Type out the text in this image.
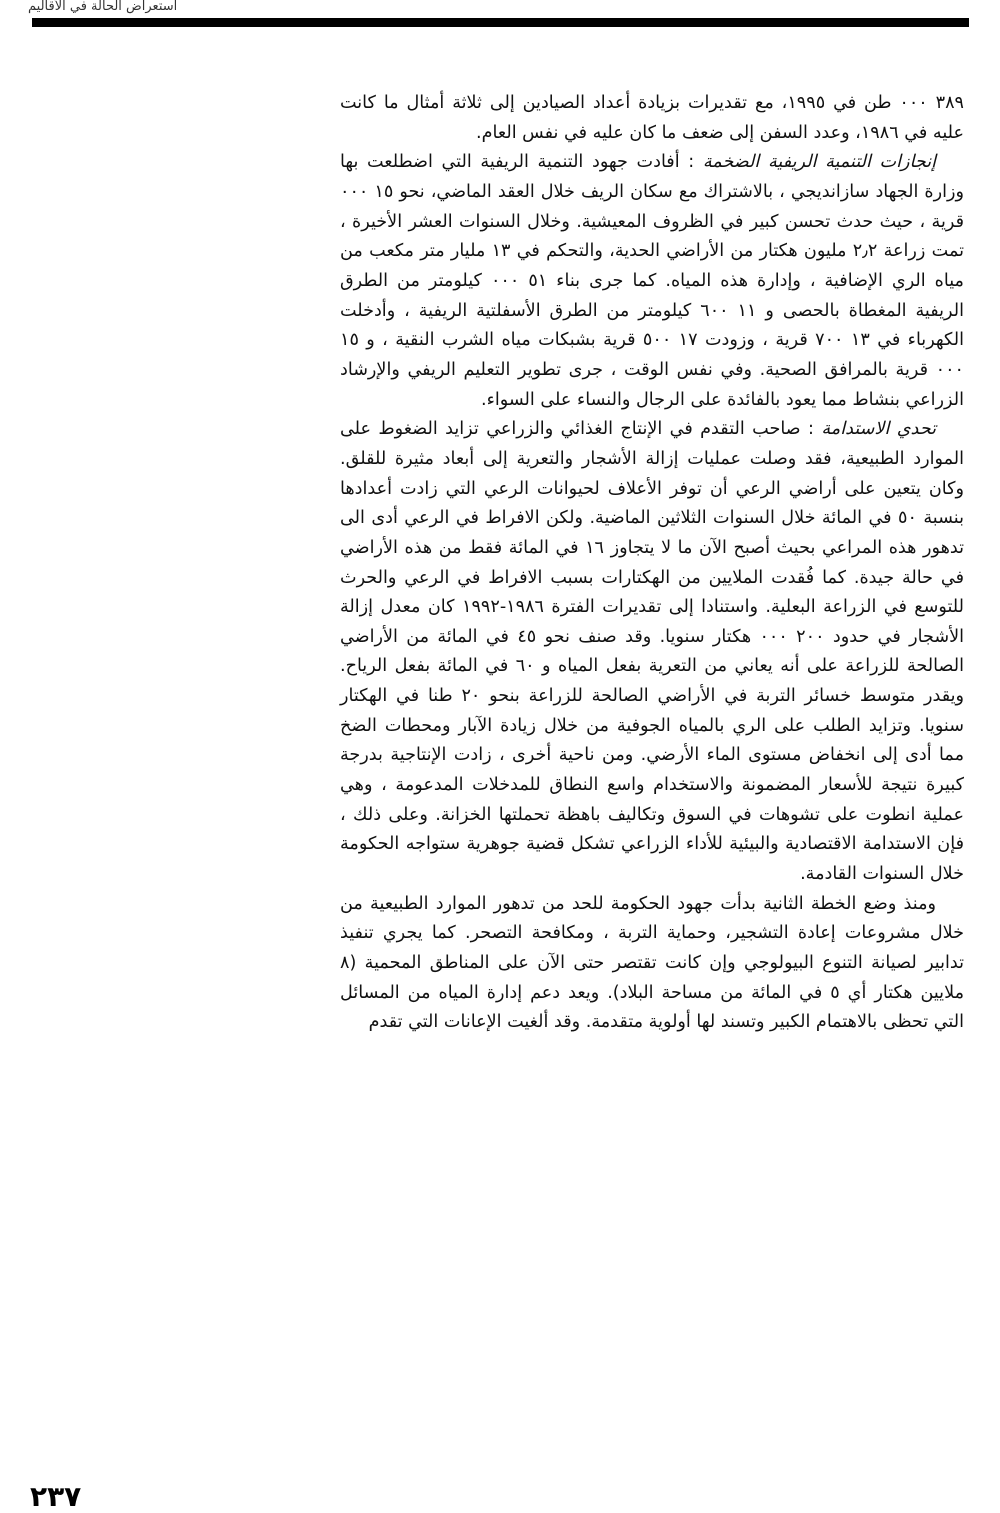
استعراض الحالة في الأقاليم

٣٨٩ ٠٠٠ طن في ١٩٩٥، مع تقديرات بزيادة أعداد الصيادين إلى ثلاثة أمثال ما كانت عليه في ١٩٨٦، وعدد السفن إلى ضعف ما كان عليه في نفس العام.

إنجازات التنمية الريفية الضخمة : أفادت جهود التنمية الريفية التي اضطلعت بها وزارة الجهاد سازانديجي ، بالاشتراك مع سكان الريف خلال العقد الماضي، نحو ١٥ ٠٠٠ قرية ، حيث حدث تحسن كبير في الظروف المعيشية. وخلال السنوات العشر الأخيرة ، تمت زراعة ٢٫٢ مليون هكتار من الأراضي الحدية، والتحكم في ١٣ مليار متر مكعب من مياه الري الإضافية ، وإدارة هذه المياه. كما جرى بناء ٥١ ٠٠٠ كيلومتر من الطرق الريفية المغطاة بالحصى و ١١ ٦٠٠ كيلومتر من الطرق الأسفلتية الريفية ، وأدخلت الكهرباء في ١٣ ٧٠٠ قرية ، وزودت ١٧ ٥٠٠ قرية بشبكات مياه الشرب النقية ، و ١٥ ٠٠٠ قرية بالمرافق الصحية. وفي نفس الوقت ، جرى تطوير التعليم الريفي والإرشاد الزراعي بنشاط مما يعود بالفائدة على الرجال والنساء على السواء.

تحدي الاستدامة : صاحب التقدم في الإنتاج الغذائي والزراعي تزايد الضغوط على الموارد الطبيعية، فقد وصلت عمليات إزالة الأشجار والتعرية إلى أبعاد مثيرة للقلق. وكان يتعين على أراضي الرعي أن توفر الأعلاف لحيوانات الرعي التي زادت أعدادها بنسبة ٥٠ في المائة خلال السنوات الثلاثين الماضية. ولكن الافراط في الرعي أدى الى تدهور هذه المراعي بحيث أصبح الآن ما لا يتجاوز ١٦ في المائة فقط من هذه الأراضي في حالة جيدة. كما فُقدت الملايين من الهكتارات بسبب الافراط في الرعي والحرث للتوسع في الزراعة البعلية. واستنادا إلى تقديرات الفترة ١٩٨٦-١٩٩٢ كان معدل إزالة الأشجار في حدود ٢٠٠ ٠٠٠ هكتار سنويا. وقد صنف نحو ٤٥ في المائة من الأراضي الصالحة للزراعة على أنه يعاني من التعرية بفعل المياه و ٦٠ في المائة بفعل الرياح. ويقدر متوسط خسائر التربة في الأراضي الصالحة للزراعة بنحو ٢٠ طنا في الهكتار سنويا. وتزايد الطلب على الري بالمياه الجوفية من خلال زيادة الآبار ومحطات الضخ مما أدى إلى انخفاض مستوى الماء الأرضي. ومن ناحية أخرى ، زادت الإنتاجية بدرجة كبيرة نتيجة للأسعار المضمونة والاستخدام واسع النطاق للمدخلات المدعومة ، وهي عملية انطوت على تشوهات في السوق وتكاليف باهظة تحملتها الخزانة. وعلى ذلك ، فإن الاستدامة الاقتصادية والبيئية للأداء الزراعي تشكل قضية جوهرية ستواجه الحكومة خلال السنوات القادمة.

ومنذ وضع الخطة الثانية بدأت جهود الحكومة للحد من تدهور الموارد الطبيعية من خلال مشروعات إعادة التشجير، وحماية التربة ، ومكافحة التصحر. كما يجري تنفيذ تدابير لصيانة التنوع البيولوجي وإن كانت تقتصر حتى الآن على المناطق المحمية (٨ ملايين هكتار أي ٥ في المائة من مساحة البلاد). ويعد دعم إدارة المياه من المسائل التي تحظى بالاهتمام الكبير وتسند لها أولوية متقدمة. وقد ألغيت الإعانات التي تقدم

٢٣٧
